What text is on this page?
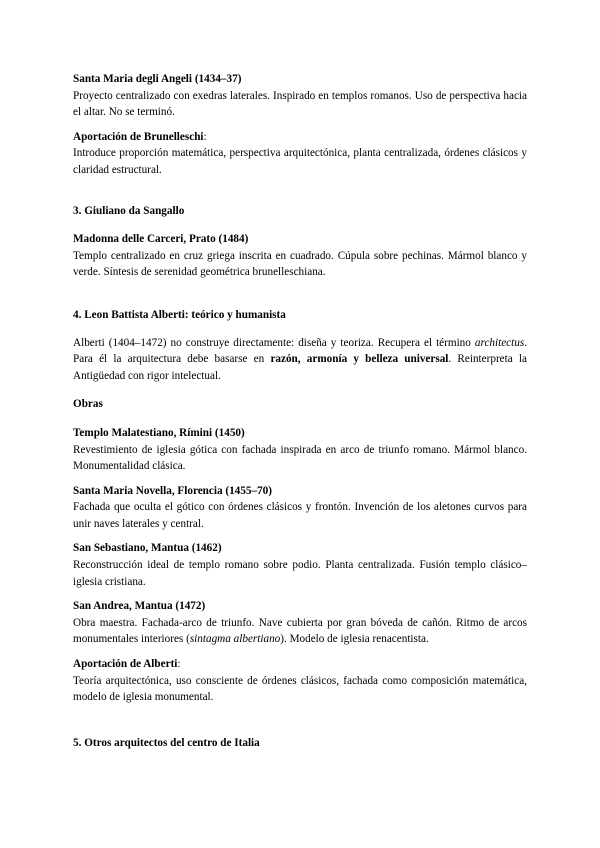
Santa Maria degli Angeli (1434–37)

Proyecto centralizado con exedras laterales. Inspirado en templos romanos. Uso de perspectiva hacia el altar. No se terminó.

Aportación de Brunelleschi:

Introduce proporción matemática, perspectiva arquitectónica, planta centralizada, órdenes clásicos y claridad estructural.

3. Giuliano da Sangallo

Madonna delle Carceri, Prato (1484)

Templo centralizado en cruz griega inscrita en cuadrado. Cúpula sobre pechinas. Mármol blanco y verde. Síntesis de serenidad geométrica brunelleschiana.

4. Leon Battista Alberti: teórico y humanista

Alberti (1404–1472) no construye directamente: diseña y teoriza. Recupera el término architectus. Para él la arquitectura debe basarse en razón, armonía y belleza universal. Reinterpreta la Antigüedad con rigor intelectual.

Obras

Templo Malatestiano, Rímini (1450)

Revestimiento de iglesia gótica con fachada inspirada en arco de triunfo romano. Mármol blanco. Monumentalidad clásica.

Santa Maria Novella, Florencia (1455–70)

Fachada que oculta el gótico con órdenes clásicos y frontón. Invención de los aletones curvos para unir naves laterales y central.

San Sebastiano, Mantua (1462)

Reconstrucción ideal de templo romano sobre podio. Planta centralizada. Fusión templo clásico–iglesia cristiana.

San Andrea, Mantua (1472)

Obra maestra. Fachada-arco de triunfo. Nave cubierta por gran bóveda de cañón. Ritmo de arcos monumentales interiores (sintagma albertiano). Modelo de iglesia renacentista.

Aportación de Alberti:

Teoría arquitectónica, uso consciente de órdenes clásicos, fachada como composición matemática, modelo de iglesia monumental.

5. Otros arquitectos del centro de Italia
